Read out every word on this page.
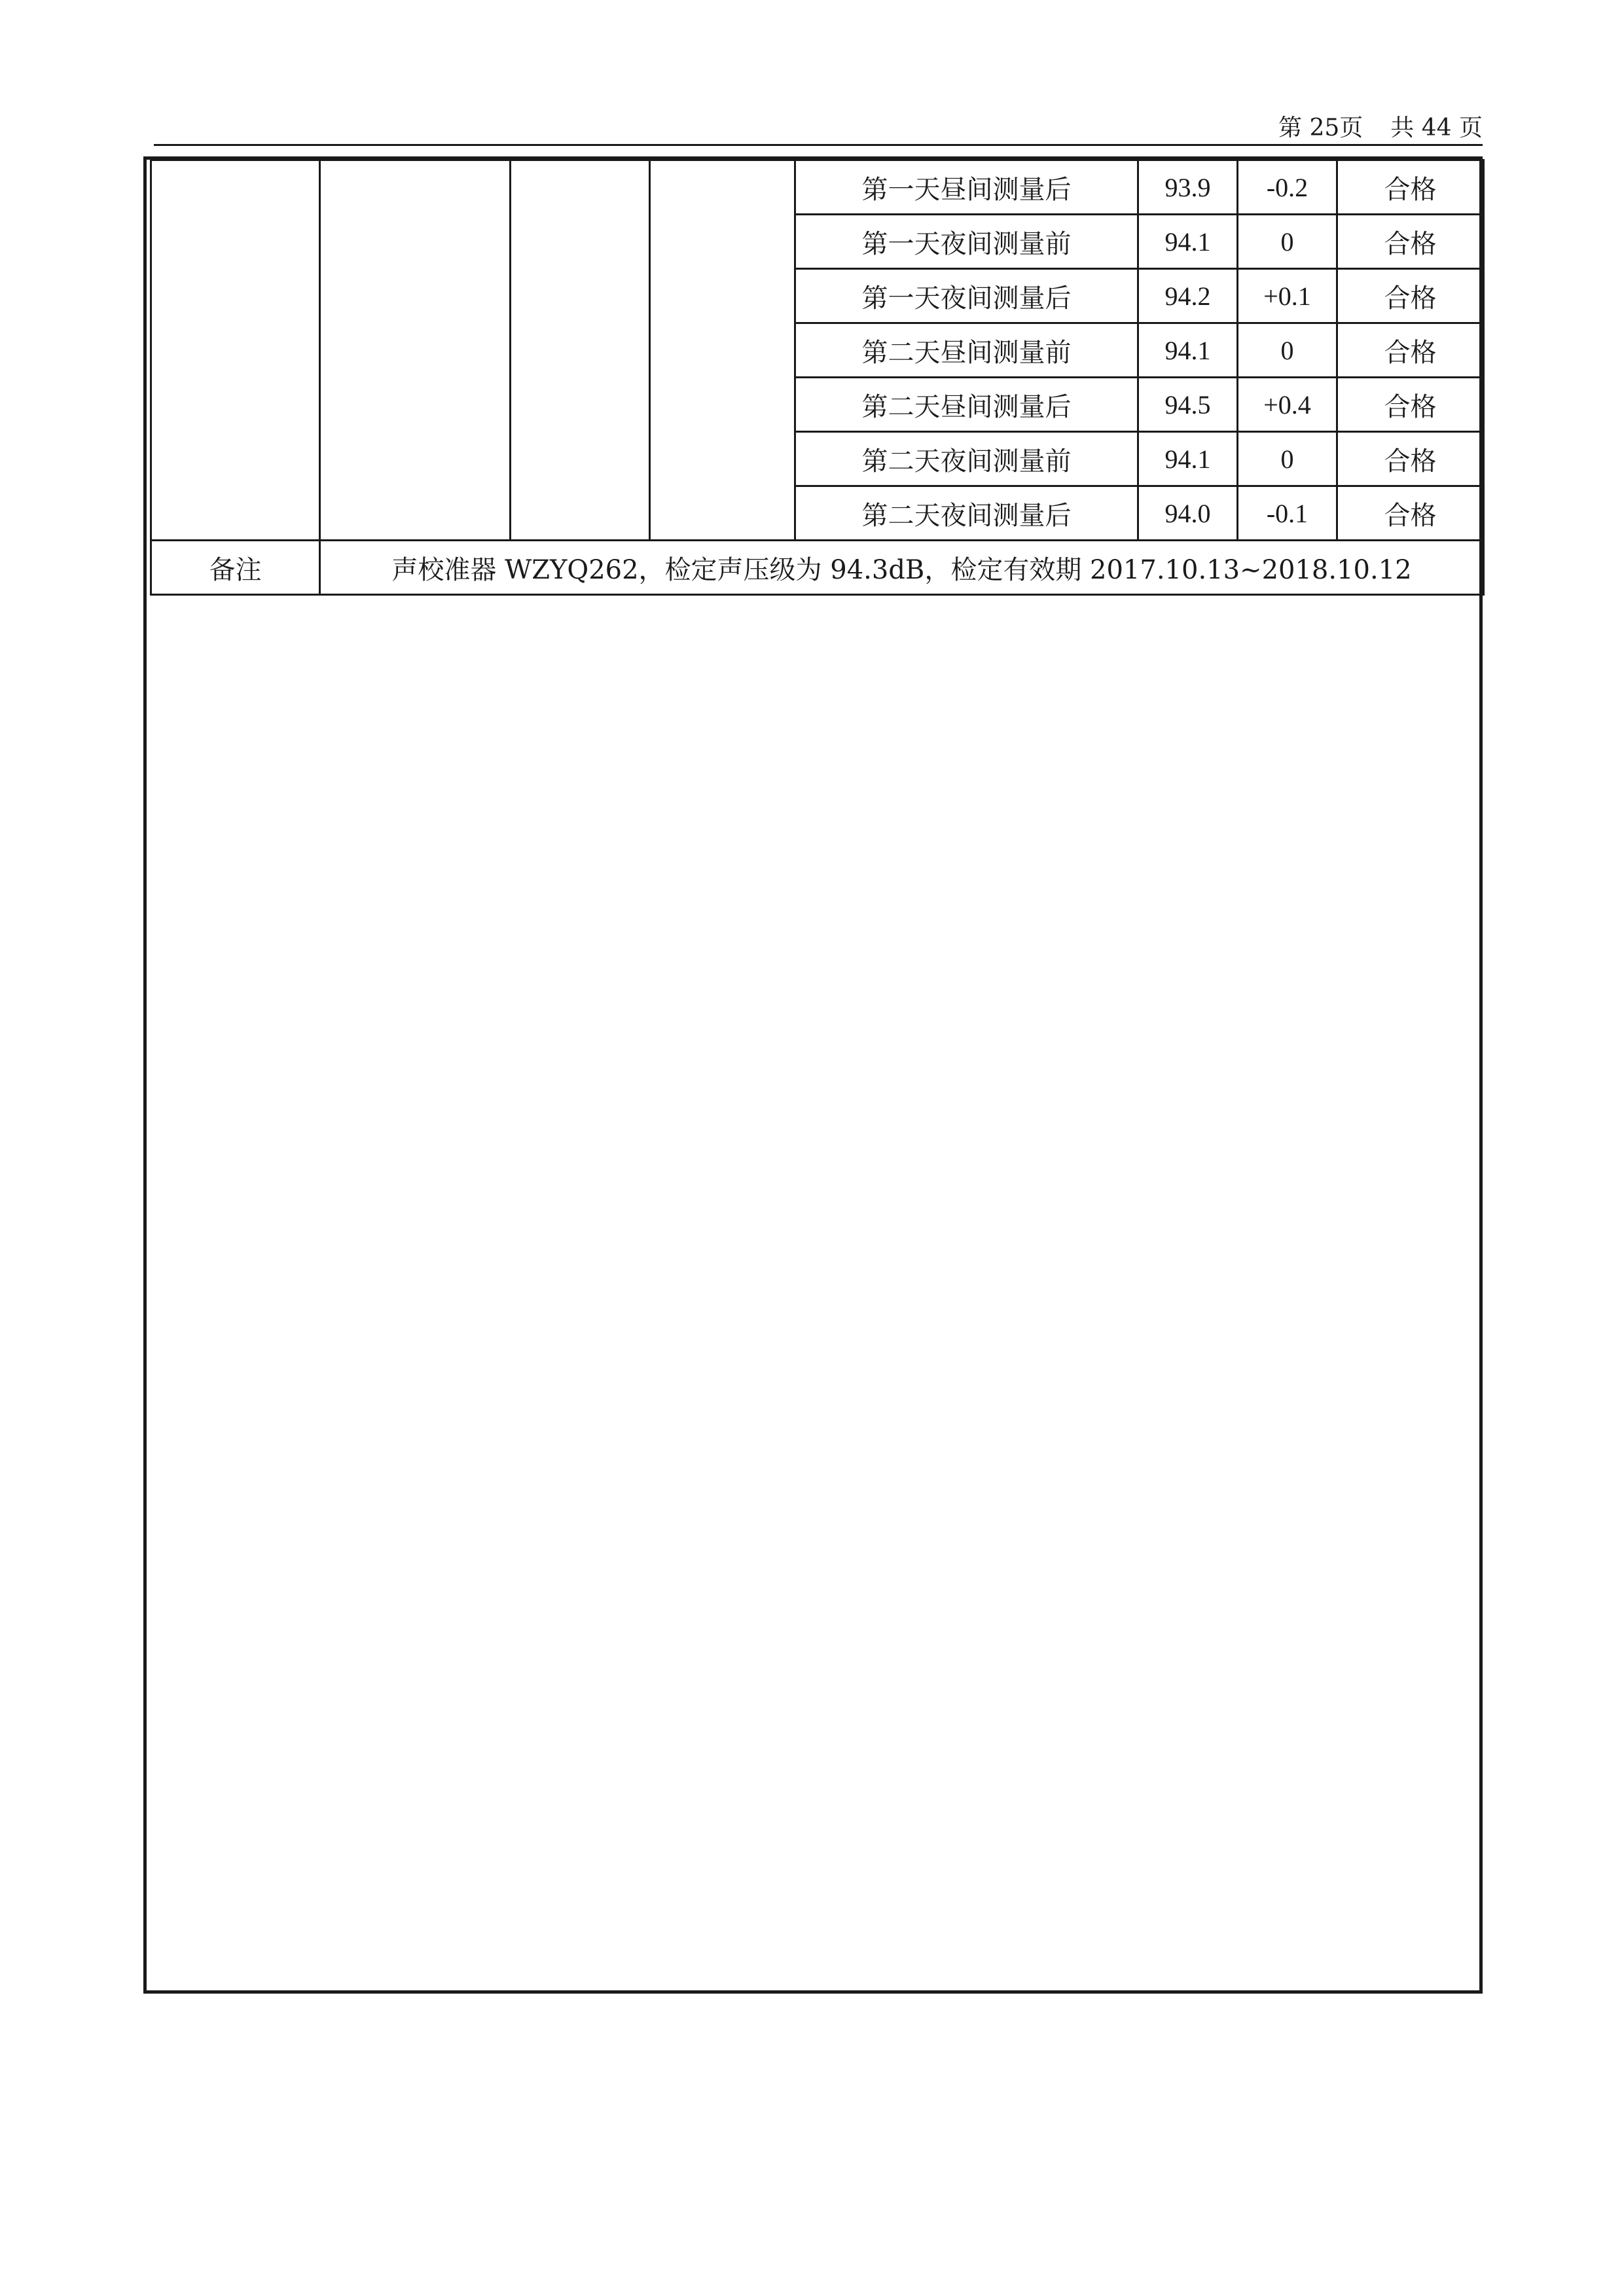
第 25页 共 44 页
				第一天昼间测量后	93.9	-0.2	合格
				第一天夜间测量前	94.1	0	合格
				第一天夜间测量后	94.2	+0.1	合格
				第二天昼间测量前	94.1	0	合格
				第二天昼间测量后	94.5	+0.4	合格
				第二天夜间测量前	94.1	0	合格
				第二天夜间测量后	94.0	-0.1	合格
备注	声校准器 WZYQ262，检定声压级为 94.3dB，检定有效期 2017.10.13~2018.10.12						
